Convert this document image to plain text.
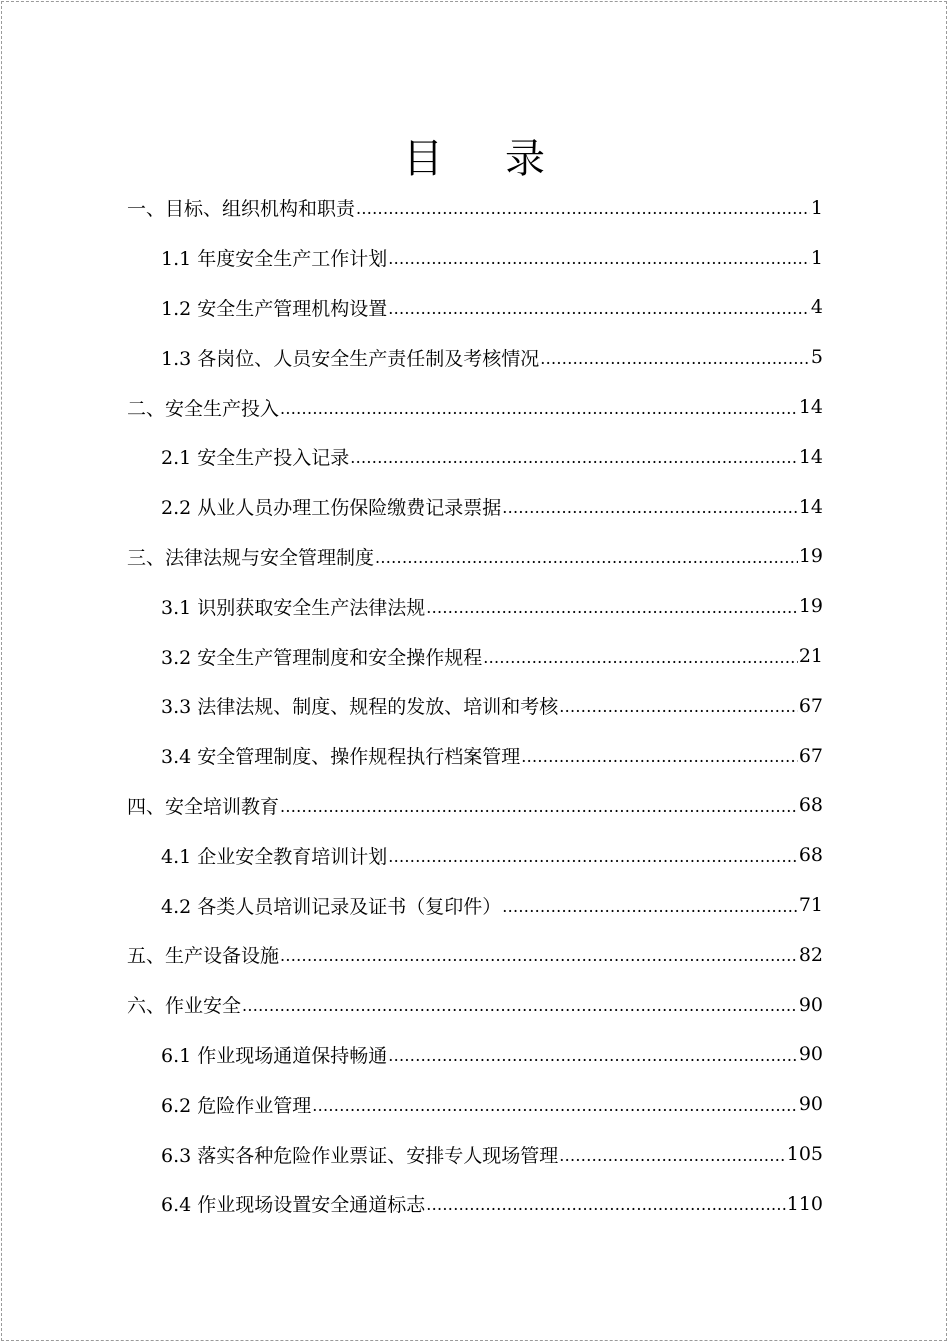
目 录
一、目标、组织机构和职责 .....	1
1.1 年度安全生产工作计划 .....	1
1.2 安全生产管理机构设置 .....	4
1.3 各岗位、人员安全生产责任制及考核情况 .....	5
二、安全生产投入 .....	14
2.1 安全生产投入记录 .....	14
2.2 从业人员办理工伤保险缴费记录票据 .....	14
三、法律法规与安全管理制度 .....	19
3.1 识别获取安全生产法律法规 .....	19
3.2 安全生产管理制度和安全操作规程 .....	21
3.3 法律法规、制度、规程的发放、培训和考核 .....	67
3.4 安全管理制度、操作规程执行档案管理 .....	67
四、安全培训教育 .....	68
4.1 企业安全教育培训计划 .....	68
4.2 各类人员培训记录及证书（复印件） .....	71
五、生产设备设施 .....	82
六、作业安全 .....	90
6.1 作业现场通道保持畅通 .....	90
6.2 危险作业管理 .....	90
6.3 落实各种危险作业票证、安排专人现场管理 .....	105
6.4 作业现场设置安全通道标志 .....	110
